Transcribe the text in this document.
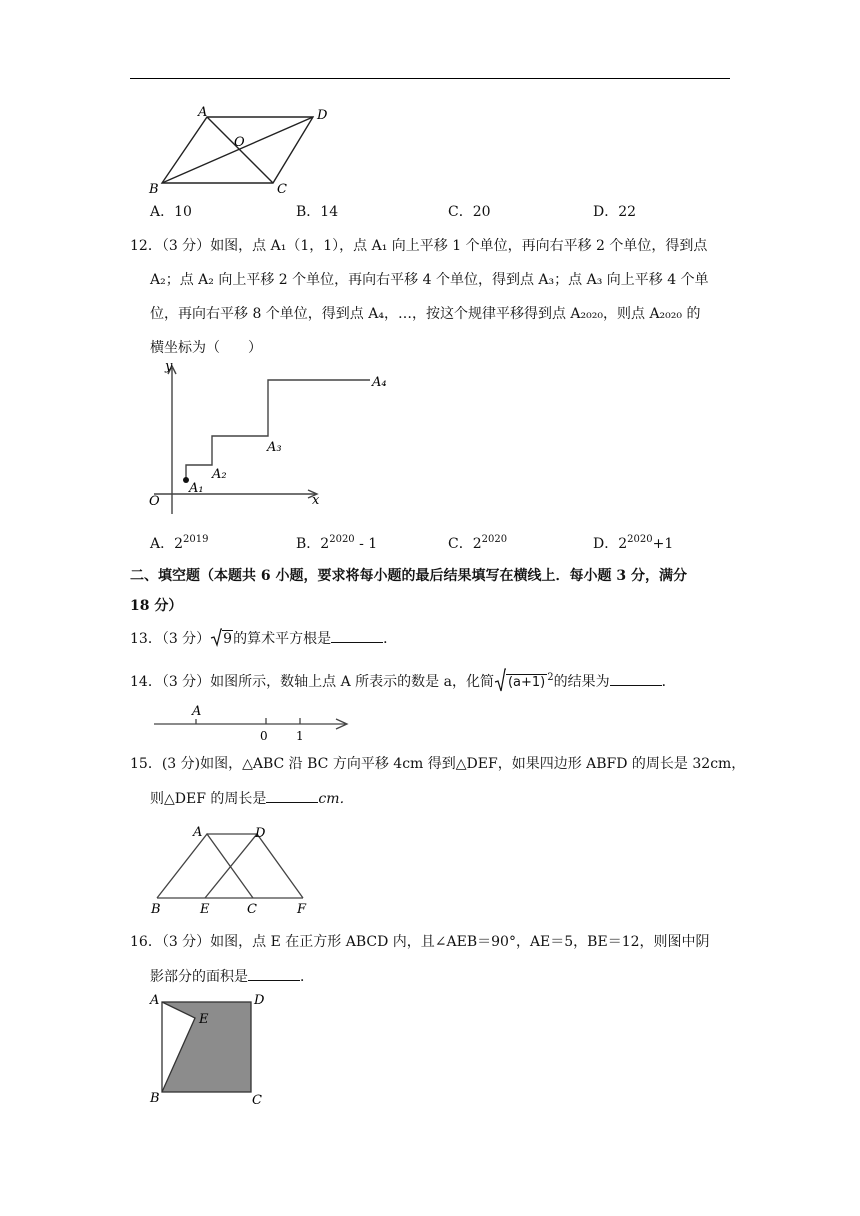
A	D
O
B	C
A．10	B．14	C．20	D．22
12．（3 分）如图，点 A₁（1，1），点 A₁ 向上平移 1 个单位，再向右平移 2 个单位，得到点
A₂；点 A₂ 向上平移 2 个单位，再向右平移 4 个单位，得到点 A₃；点 A₃ 向上平移 4 个单
位，再向右平移 8 个单位，得到点 A₄，…，按这个规律平移得到点 A₂₀₂₀，则点 A₂₀₂₀ 的
横坐标为（　　）
y
x
O
A₁
A₂
A₃
A₄
A．$2^{2019}$	B．$2^{2020} - 1$	C．$2^{2020}$	D．$2^{2020}+1$
二、填空题（本题共 6 小题，要求将每小题的最后结果填写在横线上．每小题 3 分，满分
18 分）
13．（3 分） 9的算术平方根是	．
14．（3 分）如图所示，数轴上点 A 所表示的数是 a，化简 (a+1) $^2$的结果为	．
A
0 1
15．(3 分)如图，△ABC 沿 BC 方向平移 4cm 得到△DEF，如果四边形 ABFD 的周长是 32cm，
则△DEF 的周长是	cm．
A	D
B	E	C	F
16．（3 分）如图，点 E 在正方形 ABCD 内，且∠AEB＝90°，AE＝5，BE＝12，则图中阴
影部分的面积是	．
A	D
E
B	C
